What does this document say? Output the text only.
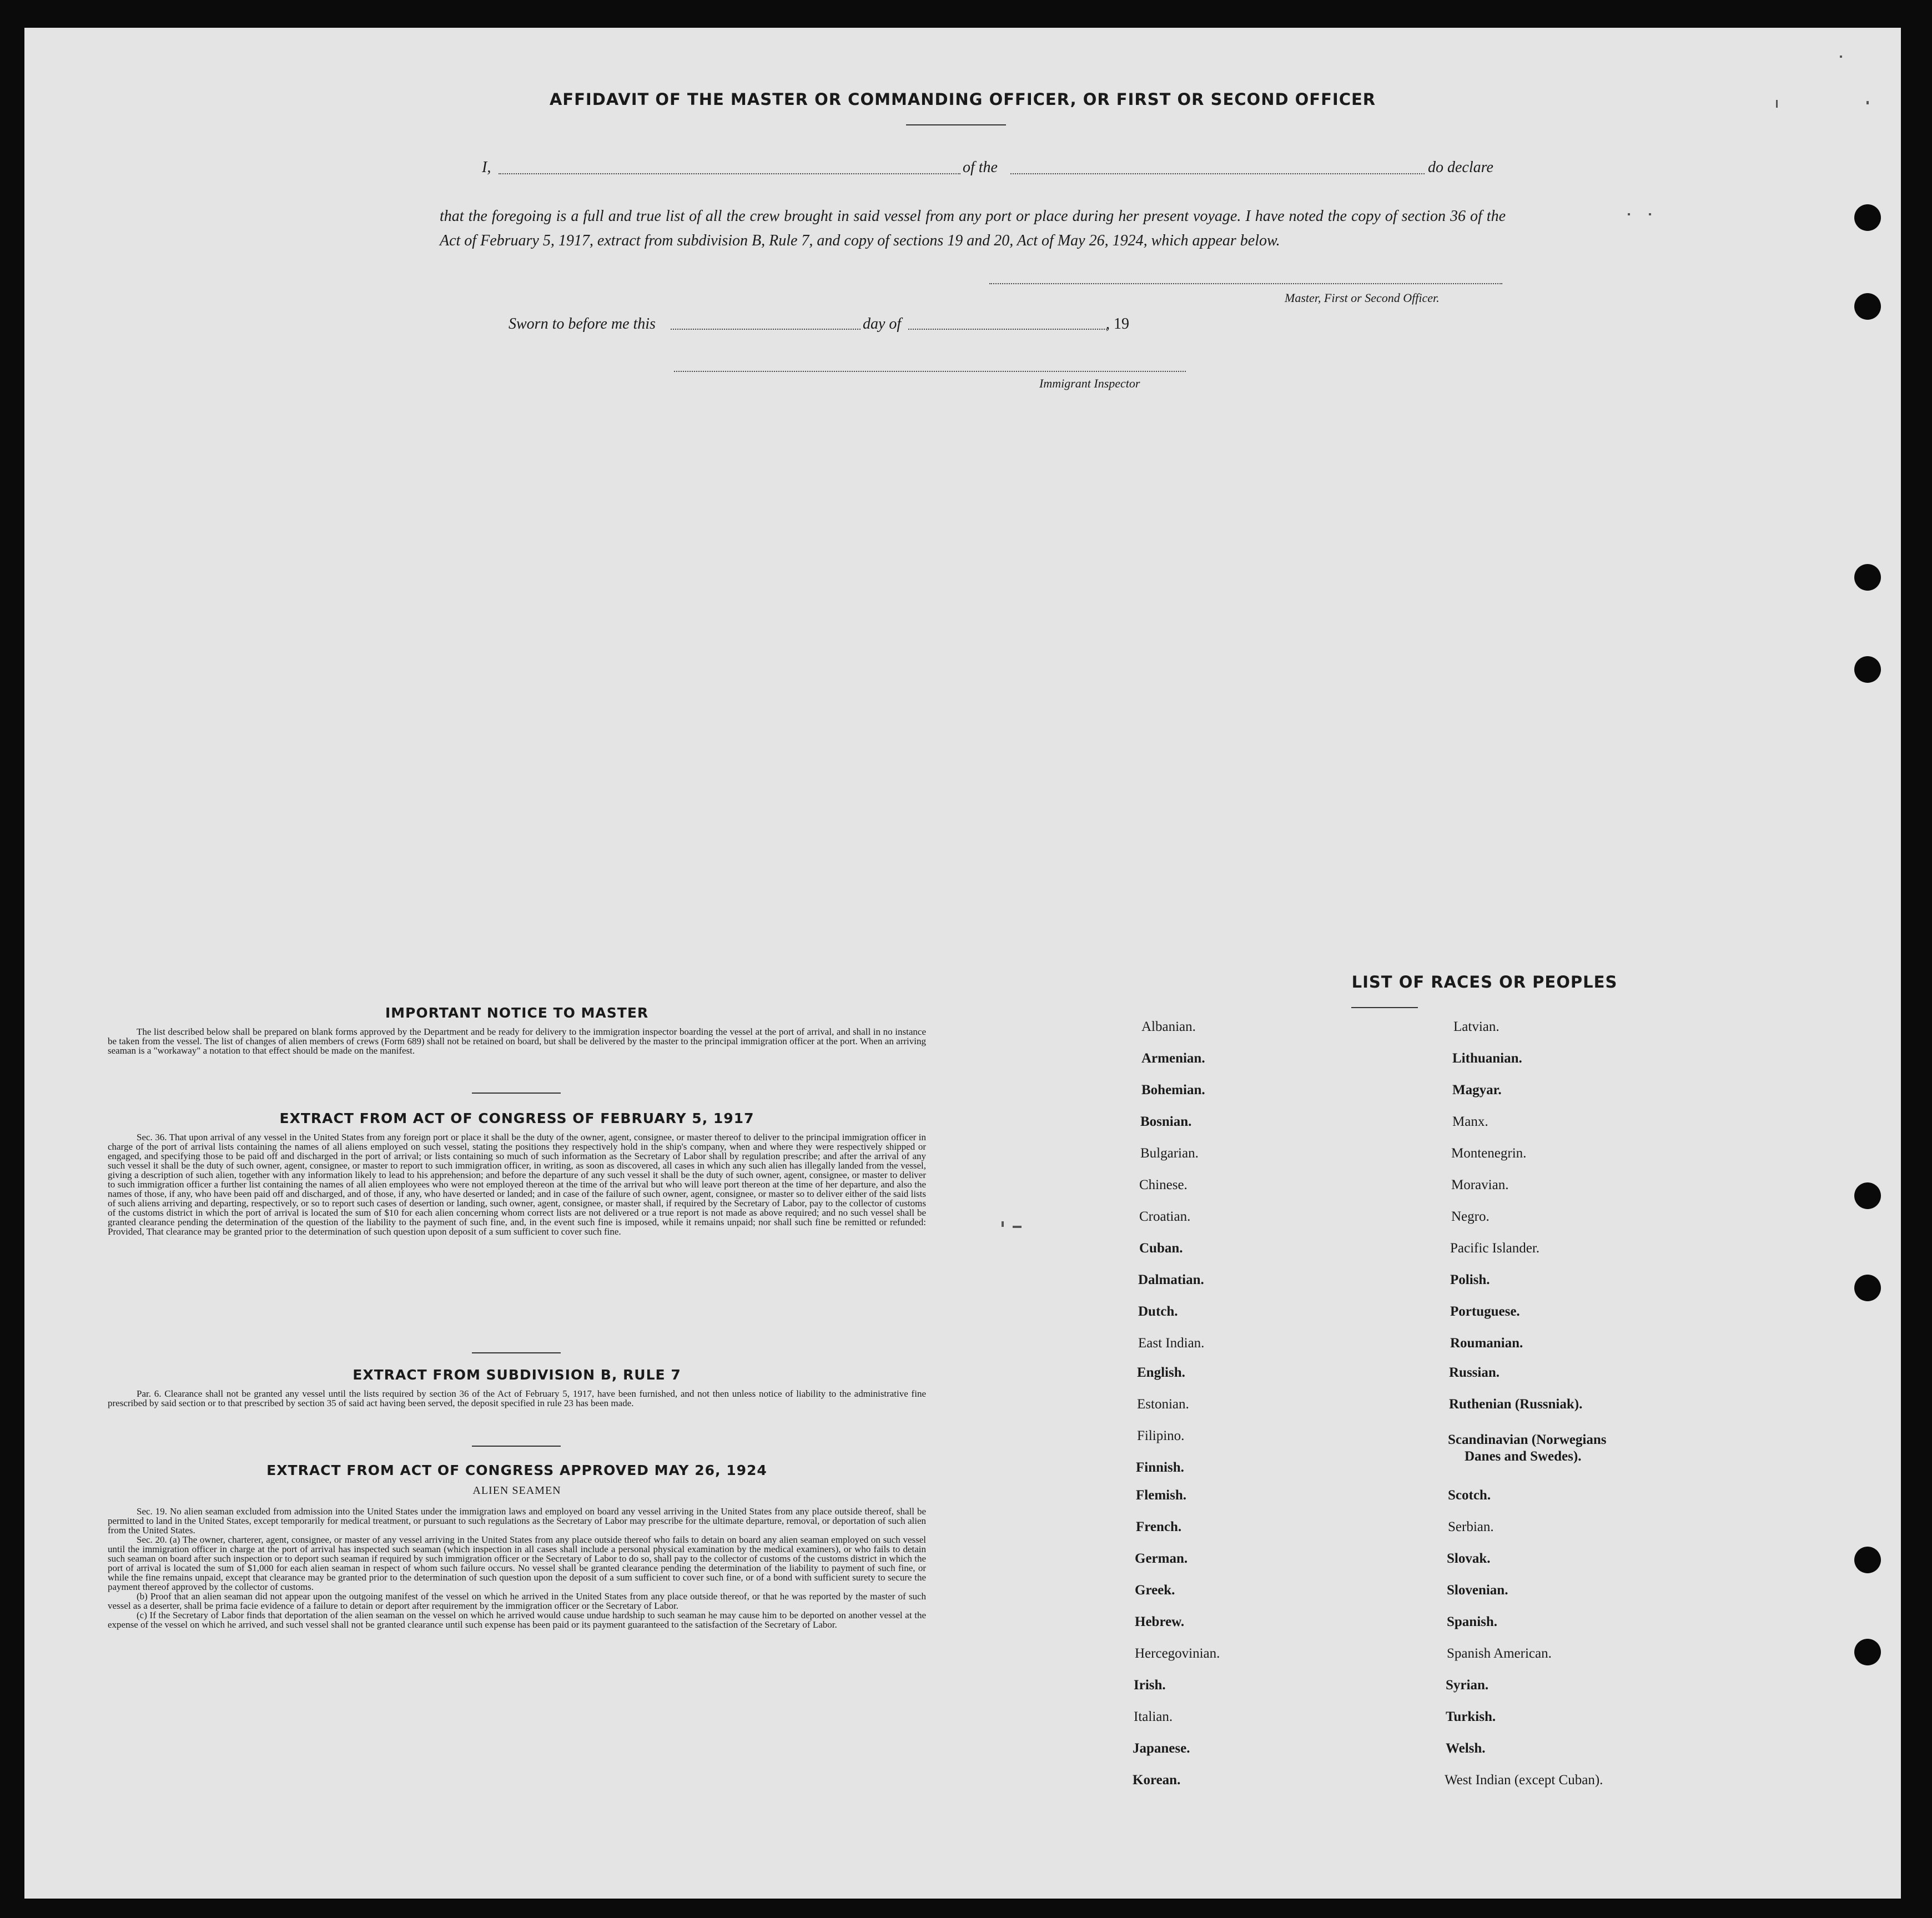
AFFIDAVIT OF THE MASTER OR COMMANDING OFFICER, OR FIRST OR SECOND OFFICER
I,	of the	do declare
that the foregoing is a full and true list of all the crew brought in said vessel from any port or place during her present voyage. I have noted the copy of section 36 of the Act of February 5, 1917, extract from subdivision B, Rule 7, and copy of sections 19 and 20, Act of May 26, 1924, which appear below.
Master, First or Second Officer.
Sworn to before me this	day of	, 19
Immigrant Inspector
IMPORTANT NOTICE TO MASTER

The list described below shall be prepared on blank forms approved by the Department and be ready for delivery to the immigration inspector boarding the vessel at the port of arrival, and shall in no instance be taken from the vessel. The list of changes of alien members of crews (Form 689) shall not be retained on board, but shall be delivered by the master to the principal immigration officer at the port. When an arriving seaman is a "workaway" a notation to that effect should be made on the manifest.

EXTRACT FROM ACT OF CONGRESS OF FEBRUARY 5, 1917

Sec. 36. That upon arrival of any vessel in the United States from any foreign port or place it shall be the duty of the owner, agent, consignee, or master thereof to deliver to the principal immigration officer in charge of the port of arrival lists containing the names of all aliens employed on such vessel, stating the positions they respectively hold in the ship's company, when and where they were respectively shipped or engaged, and specifying those to be paid off and discharged in the port of arrival; or lists containing so much of such information as the Secretary of Labor shall by regulation prescribe; and after the arrival of any such vessel it shall be the duty of such owner, agent, consignee, or master to report to such immigration officer, in writing, as soon as discovered, all cases in which any such alien has illegally landed from the vessel, giving a description of such alien, together with any information likely to lead to his apprehension; and before the departure of any such vessel it shall be the duty of such owner, agent, consignee, or master to deliver to such immigration officer a further list containing the names of all alien employees who were not employed thereon at the time of the arrival but who will leave port thereon at the time of her departure, and also the names of those, if any, who have been paid off and discharged, and of those, if any, who have deserted or landed; and in case of the failure of such owner, agent, consignee, or master so to deliver either of the said lists of such aliens arriving and departing, respectively, or so to report such cases of desertion or landing, such owner, agent, consignee, or master shall, if required by the Secretary of Labor, pay to the collector of customs of the customs district in which the port of arrival is located the sum of $10 for each alien concerning whom correct lists are not delivered or a true report is not made as above required; and no such vessel shall be granted clearance pending the determination of the question of the liability to the payment of such fine, and, in the event such fine is imposed, while it remains unpaid; nor shall such fine be remitted or refunded: Provided, That clearance may be granted prior to the determination of such question upon deposit of a sum sufficient to cover such fine.

EXTRACT FROM SUBDIVISION B, RULE 7

Par. 6. Clearance shall not be granted any vessel until the lists required by section 36 of the Act of February 5, 1917, have been furnished, and not then unless notice of liability to the administrative fine prescribed by said section or to that prescribed by section 35 of said act having been served, the deposit specified in rule 23 has been made.

EXTRACT FROM ACT OF CONGRESS APPROVED MAY 26, 1924
ALIEN SEAMEN

Sec. 19. No alien seaman excluded from admission into the United States under the immigration laws and employed on board any vessel arriving in the United States from any place outside thereof, shall be permitted to land in the United States, except temporarily for medical treatment, or pursuant to such regulations as the Secretary of Labor may prescribe for the ultimate departure, removal, or deportation of such alien from the United States.

Sec. 20. (a) The owner, charterer, agent, consignee, or master of any vessel arriving in the United States from any place outside thereof who fails to detain on board any alien seaman employed on such vessel until the immigration officer in charge at the port of arrival has inspected such seaman (which inspection in all cases shall include a personal physical examination by the medical examiners), or who fails to detain such seaman on board after such inspection or to deport such seaman if required by such immigration officer or the Secretary of Labor to do so, shall pay to the collector of customs of the customs district in which the port of arrival is located the sum of $1,000 for each alien seaman in respect of whom such failure occurs. No vessel shall be granted clearance pending the determination of the liability to payment of such fine, or while the fine remains unpaid, except that clearance may be granted prior to the determination of such question upon the deposit of a sum sufficient to cover such fine, or of a bond with sufficient surety to secure the payment thereof approved by the collector of customs.

(b) Proof that an alien seaman did not appear upon the outgoing manifest of the vessel on which he arrived in the United States from any place outside thereof, or that he was reported by the master of such vessel as a deserter, shall be prima facie evidence of a failure to detain or deport after requirement by the immigration officer or the Secretary of Labor.

(c) If the Secretary of Labor finds that deportation of the alien seaman on the vessel on which he arrived would cause undue hardship to such seaman he may cause him to be deported on another vessel at the expense of the vessel on which he arrived, and such vessel shall not be granted clearance until such expense has been paid or its payment guaranteed to the satisfaction of the Secretary of Labor.

LIST OF RACES OR PEOPLES
Albanian.
Armenian.
Bohemian.
Bosnian.
Bulgarian.
Chinese.
Croatian.
Cuban.
Dalmatian.
Dutch.
East Indian.
English.
Estonian.
Filipino.
Finnish.
Flemish.
French.
German.
Greek.
Hebrew.
Hercegovinian.
Irish.
Italian.
Japanese.
Korean.
Latvian.
Lithuanian.
Magyar.
Manx.
Montenegrin.
Moravian.
Negro.
Pacific Islander.
Polish.
Portuguese.
Roumanian.
Russian.
Ruthenian (Russniak).
Scandinavian (Norwegians
Danes and Swedes).
Scotch.
Serbian.
Slovak.
Slovenian.
Spanish.
Spanish American.
Syrian.
Turkish.
Welsh.
West Indian (except Cuban).
